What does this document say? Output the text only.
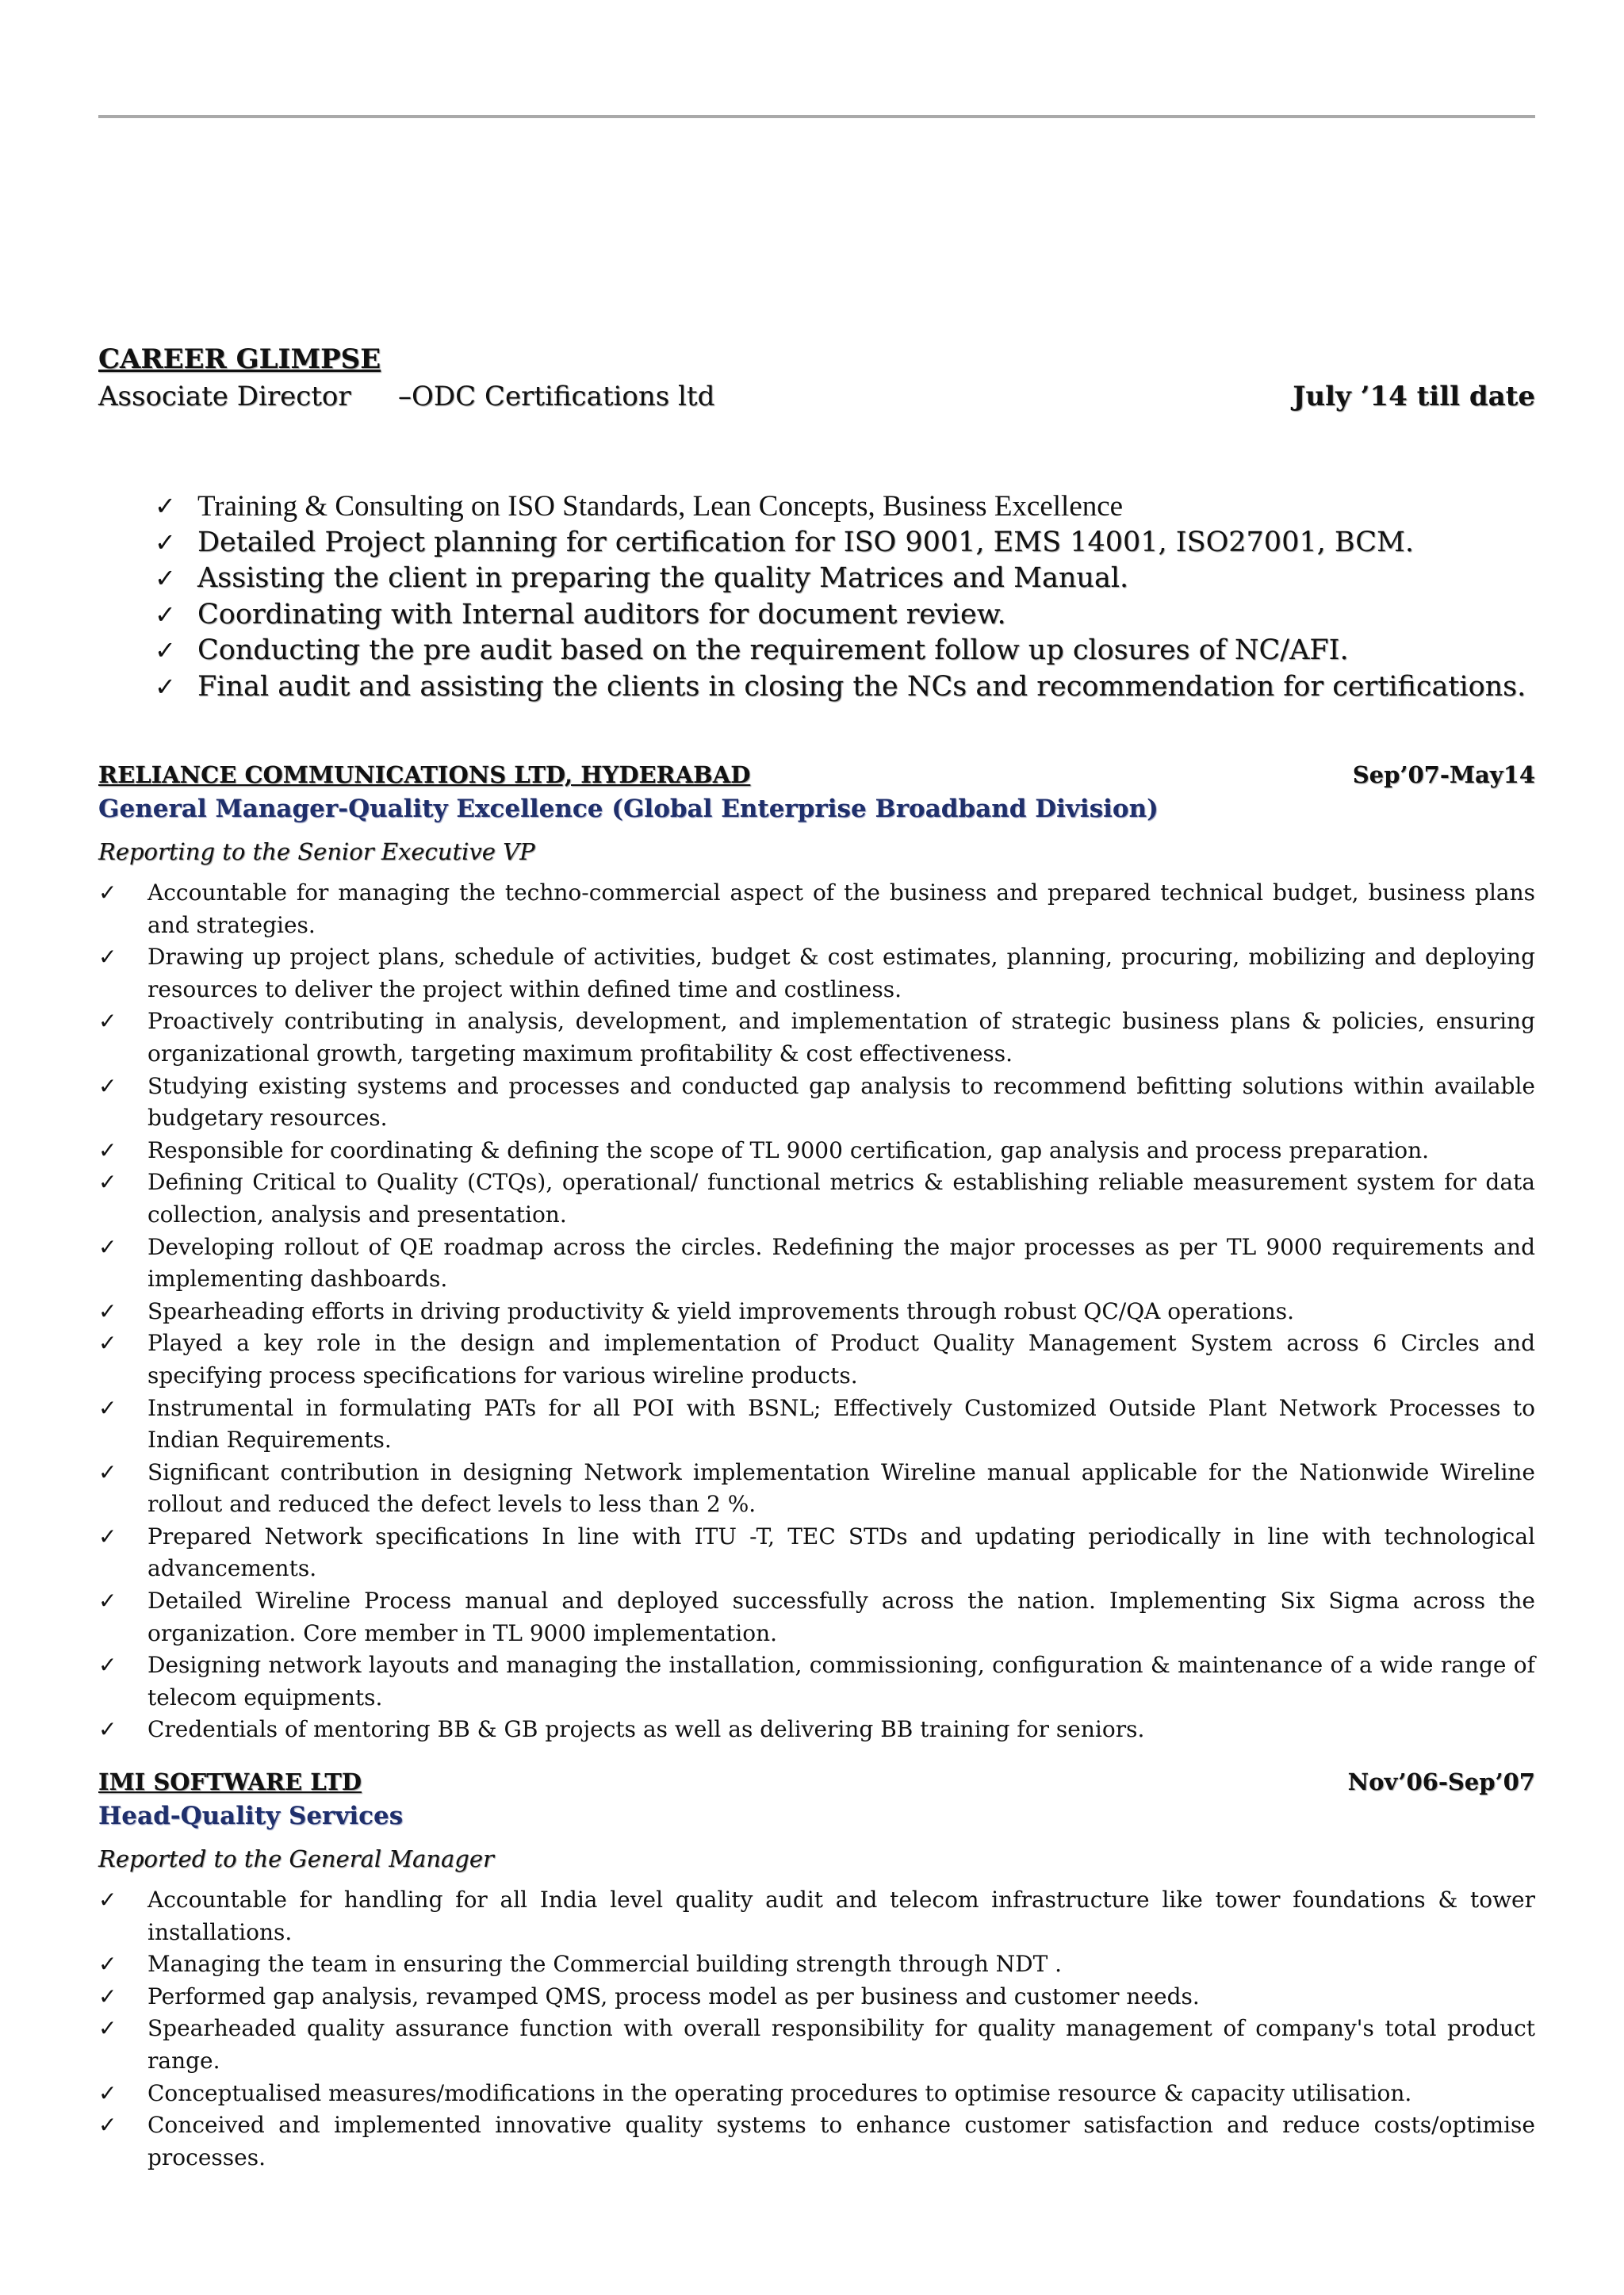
CAREER GLIMPSE
Associate Director –ODC Certifications ltd	July ’14 till date
✓ Training & Consulting on ISO Standards, Lean Concepts, Business Excellence
✓ Detailed Project planning for certification for ISO 9001, EMS 14001, ISO27001, BCM.
✓ Assisting the client in preparing the quality Matrices and Manual.
✓ Coordinating with Internal auditors for document review.
✓ Conducting the pre audit based on the requirement follow up closures of NC/AFI.
✓ Final audit and assisting the clients in closing the NCs and recommendation for certifications.
RELIANCE COMMUNICATIONS LTD, HYDERABAD	Sep’07-May14
General Manager-Quality Excellence (Global Enterprise Broadband Division)
Reporting to the Senior Executive VP
✓	Accountable for managing the techno-commercial aspect of the business and prepared technical budget, business plans and strategies.
✓	Drawing up project plans, schedule of activities, budget & cost estimates, planning, procuring, mobilizing and deploying resources to deliver the project within defined time and costliness.
✓	Proactively contributing in analysis, development, and implementation of strategic business plans & policies, ensuring organizational growth, targeting maximum profitability & cost effectiveness.
✓	Studying existing systems and processes and conducted gap analysis to recommend befitting solutions within available budgetary resources.
✓	Responsible for coordinating & defining the scope of TL 9000 certification, gap analysis and process preparation.
✓	Defining Critical to Quality (CTQs), operational/ functional metrics & establishing reliable measurement system for data collection, analysis and presentation.
✓	Developing rollout of QE roadmap across the circles. Redefining the major processes as per TL 9000 requirements and implementing dashboards.
✓	Spearheading efforts in driving productivity & yield improvements through robust QC/QA operations.
✓	Played a key role in the design and implementation of Product Quality Management System across 6 Circles and specifying process specifications for various wireline products.
✓	Instrumental in formulating PATs for all POI with BSNL; Effectively Customized Outside Plant Network Processes to Indian Requirements.
✓	Significant contribution in designing Network implementation Wireline manual applicable for the Nationwide Wireline rollout and reduced the defect levels to less than 2 %.
✓	Prepared Network specifications In line with ITU -T, TEC STDs and updating periodically in line with technological advancements.
✓	Detailed Wireline Process manual and deployed successfully across the nation. Implementing Six Sigma across the organization. Core member in TL 9000 implementation.
✓	Designing network layouts and managing the installation, commissioning, configuration & maintenance of a wide range of telecom equipments.
✓	Credentials of mentoring BB & GB projects as well as delivering BB training for seniors.
IMI SOFTWARE LTD	Nov’06-Sep’07
Head-Quality Services
Reported to the General Manager
✓	Accountable for handling for all India level quality audit and telecom infrastructure like tower foundations & tower installations.
✓	Managing the team in ensuring the Commercial building strength through NDT .
✓	Performed gap analysis, revamped QMS, process model as per business and customer needs.
✓	Spearheaded quality assurance function with overall responsibility for quality management of company's total product range.
✓	Conceptualised measures/modifications in the operating procedures to optimise resource & capacity utilisation.
✓	Conceived and implemented innovative quality systems to enhance customer satisfaction and reduce costs/optimise processes.
